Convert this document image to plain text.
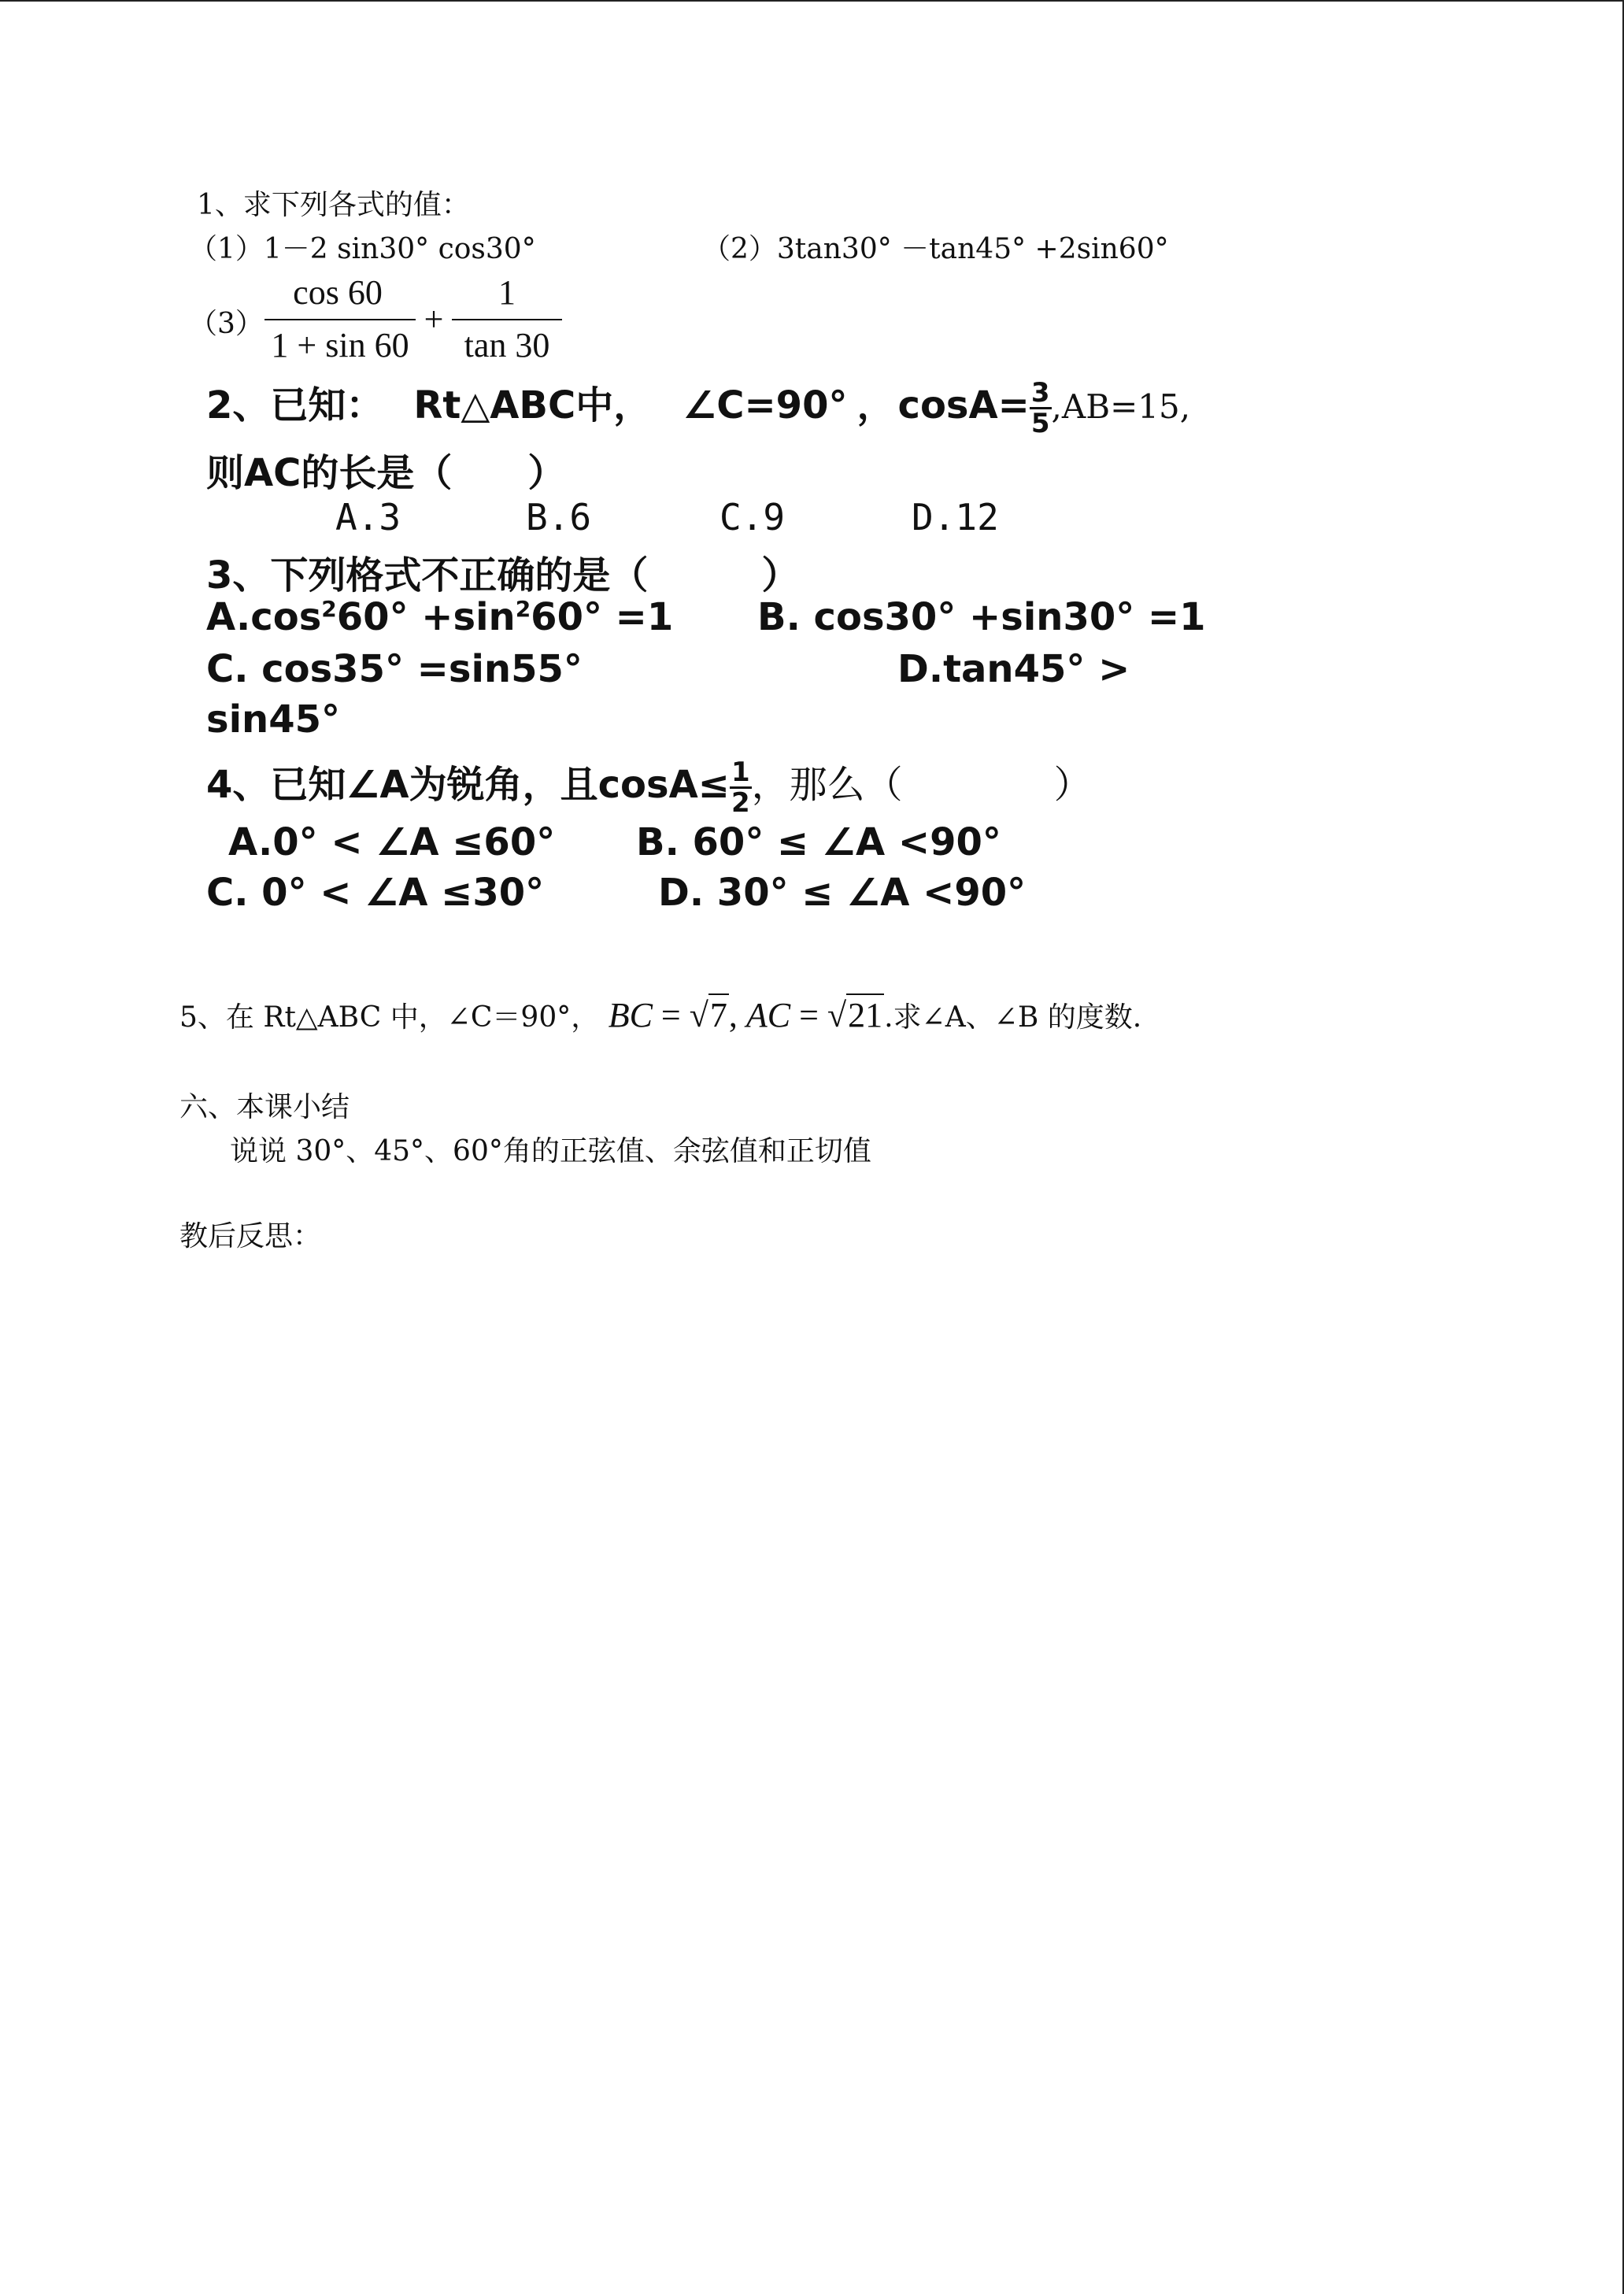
1、求下列各式的值：
（1）1－2 sin30° cos30°	（2）3tan30° －tan45° +2sin60°
（3）
cos 60
1 + sin 60
+
1
tan 30
2、已知： Rt△ABC中， ∠C=90° ，$\cos A= \frac{3}{5} ,AB=15$,
则AC的长是（　　）
A.3	B.6	C.9	D.12
3、下列格式不正确的是（　　　）
$A.\cos^260^\circ +\sin^260^\circ =1$ B. cos30° +sin30° =1
C. cos35° =sin55°	D.tan45° >
sin45°
4、已知∠A为锐角，且$\cos A\le \frac{1}{2}$ ，那么（　　　　）
A.0° < ∠A ≤60° B. 60° ≤ ∠A <90°
C. 0° < ∠A ≤30°	D. 30° ≤ ∠A <90°
5、在 Rt△ABC 中，∠C＝90°， BC = √7, AC = √21.求∠A、∠B 的度数.
六、本课小结
说说 30°、45°、60°角的正弦值、余弦值和正切值
教后反思：
